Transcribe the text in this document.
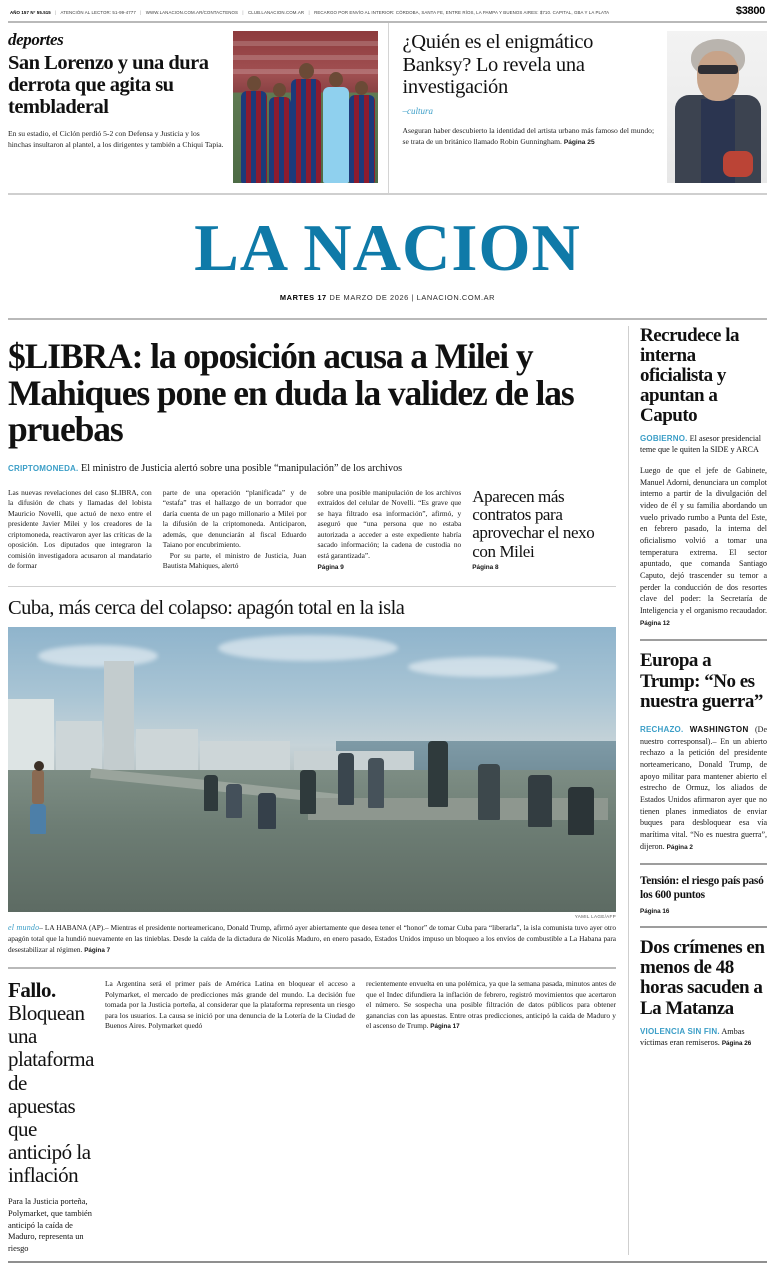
AÑO 157 N° 55.515 | ATENCIÓN AL LECTOR: 51-99-4777 | WWW.LANACION.COM.AR/CONTACTENOS | CLUB.LANACION.COM.AR | RECARGO POR ENVÍO AL INTERIOR: CÓRDOBA, SANTA FE, ENTRE RÍOS, LA PAMPA Y BUENOS AIRES: $710. CAPITAL, GBA Y LA PLATA	$3800
deportes
San Lorenzo y una dura derrota que agita su tembladeral
En su estadio, el Ciclón perdió 5-2 con Defensa y Justicia y los hinchas insultaron al plantel, a los dirigentes y también a Chiqui Tapia.
¿Quién es el enigmático Banksy? Lo revela una investigación
–cultura
Aseguran haber descubierto la identidad del artista urbano más famoso del mundo; se trata de un británico llamado Robin Gunningham. Página 25
LA NACION
MARTES 17 DE MARZO DE 2026 | LANACION.COM.AR
$LIBRA: la oposición acusa a Milei y Mahiques pone en duda la validez de las pruebas
CRIPTOMONEDA. El ministro de Justicia alertó sobre una posible “manipulación” de los archivos

Las nuevas revelaciones del caso $LIBRA, con la difusión de chats y llamadas del lobista Mauricio Novelli, que actuó de nexo entre el presidente Javier Milei y los creadores de la criptomoneda, reactivaron ayer las críticas de la oposición. Los diputados que integraron la comisión investigadora acusaron al mandatario de formar

parte de una operación “planificada” y de “estafa” tras el hallazgo de un borrador que daría cuenta de un pago millonario a Milei por la difusión de la criptomoneda. Anticiparon, además, que denunciarán al fiscal Eduardo Taiano por encubrimiento.

Por su parte, el ministro de Justicia, Juan Bautista Mahiques, alertó

sobre una posible manipulación de los archivos extraídos del celular de Novelli. “Es grave que se haya filtrado esa información”, afirmó, y aseguró que “una persona que no estaba autorizada a acceder a este expediente habría sacado información; la cadena de custodia no está garantizada”.

Página 9
Aparecen más contratos para aprovechar el nexo con Milei
Página 8
Cuba, más cerca del colapso: apagón total en la isla
YAMIL LAGE/AFP
el mundo– LA HABANA (AP).– Mientras el presidente norteamericano, Donald Trump, afirmó ayer abiertamente que desea tener el “honor” de tomar Cuba para “liberarla”, la isla comunista tuvo ayer otro apagón total que la hundió nuevamente en las tinieblas. Desde la caída de la dictadura de Nicolás Maduro, en enero pasado, Estados Unidos impuso un bloqueo a los envíos de combustible a La Habana para desestabilizar al régimen. Página 7
Fallo. Bloquean una plataforma de apuestas que anticipó la inflación
Para la Justicia porteña, Polymarket, que también anticipó la caída de Maduro, representa un riesgo

La Argentina será el primer país de América Latina en bloquear el acceso a Polymarket, el mercado de predicciones más grande del mundo. La decisión fue tomada por la Justicia porteña, al considerar que la plataforma representa un riesgo para los usuarios. La causa se inició por una denuncia de la Lotería de la Ciudad de Buenos Aires. Polymarket quedó

recientemente envuelta en una polémica, ya que la semana pasada, minutos antes de que el Indec difundiera la inflación de febrero, registró movimientos que acertaron el número. Se sospecha una posible filtración de datos públicos para obtener ganancias con las apuestas. Entre otras predicciones, anticipó la caída de Maduro y el ascenso de Trump. Página 17

Recrudece la interna oficialista y apuntan a Caputo
GOBIERNO. El asesor presidencial teme que le quiten la SIDE y ARCA
Luego de que el jefe de Gabinete, Manuel Adorni, denunciara un complot interno a partir de la divulgación del video de él y su familia abordando un vuelo privado rumbo a Punta del Este, en febrero pasado, la interna del oficialismo volvió a tomar una temperatura extrema. El sector apuntado, que comanda Santiago Caputo, dejó trascender su temor a perder la conducción de dos resortes clave del poder: la Secretaría de Inteligencia y el organismo recaudador. Página 12
Europa a Trump: “No es nuestra guerra”
RECHAZO. WASHINGTON (De nuestro corresponsal).– En un abierto rechazo a la petición del presidente norteamericano, Donald Trump, de apoyo militar para mantener abierto el estrecho de Ormuz, los aliados de Estados Unidos afirmaron ayer que no tienen planes inmediatos de enviar buques para desbloquear esa vía marítima vital. “No es nuestra guerra”, dijeron. Página 2
Tensión: el riesgo país pasó los 600 puntos
Página 16
Dos crímenes en menos de 48 horas sacuden a La Matanza
VIOLENCIA SIN FIN. Ambas víctimas eran remiseros. Página 26
